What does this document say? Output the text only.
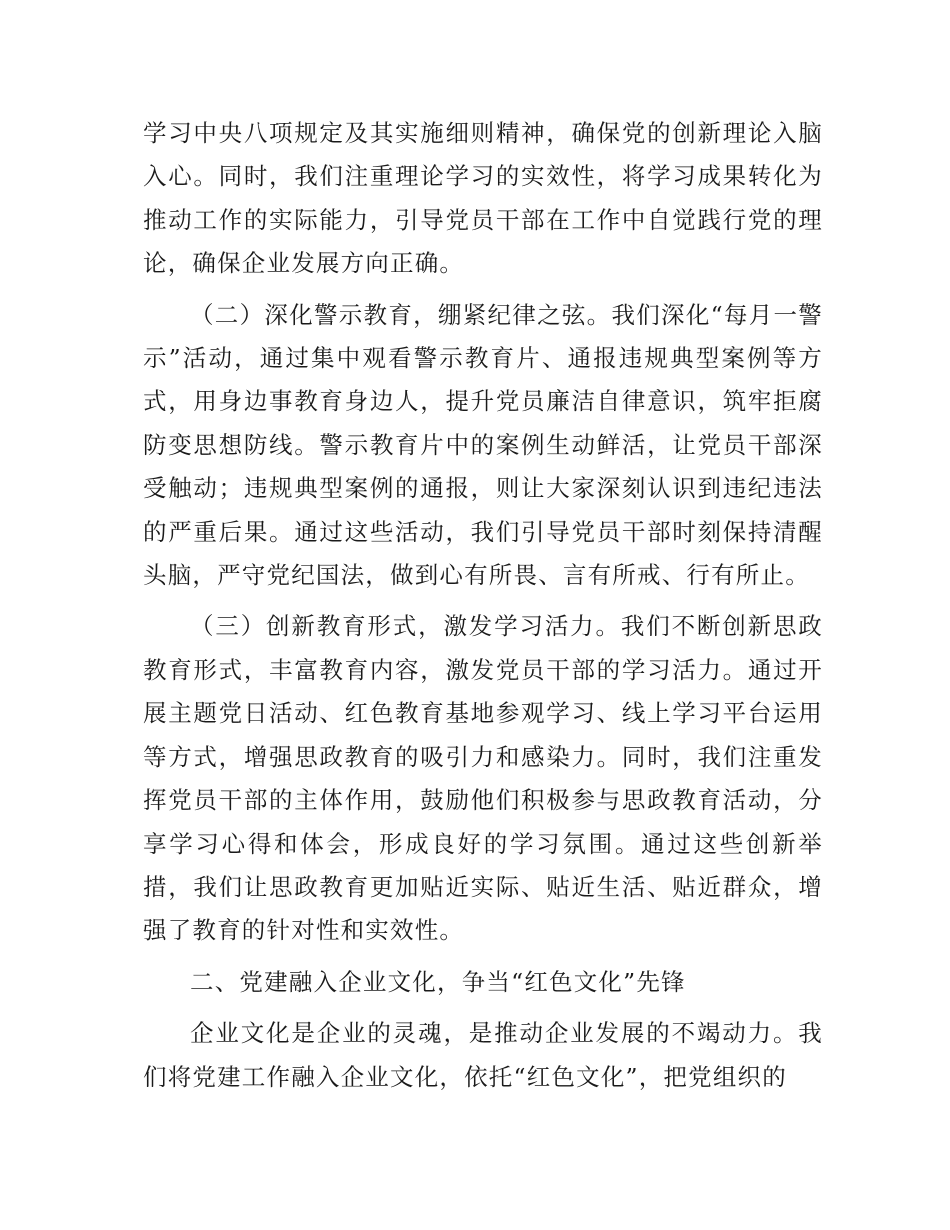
学习中央八项规定及其实施细则精神，确保党的创新理论入脑入心。同时，我们注重理论学习的实效性，将学习成果转化为推动工作的实际能力，引导党员干部在工作中自觉践行党的理论，确保企业发展方向正确。

（二）深化警示教育，绷紧纪律之弦。我们深化“每月一警示”活动，通过集中观看警示教育片、通报违规典型案例等方式，用身边事教育身边人，提升党员廉洁自律意识，筑牢拒腐防变思想防线。警示教育片中的案例生动鲜活，让党员干部深受触动；违规典型案例的通报，则让大家深刻认识到违纪违法的严重后果。通过这些活动，我们引导党员干部时刻保持清醒头脑，严守党纪国法，做到心有所畏、言有所戒、行有所止。

（三）创新教育形式，激发学习活力。我们不断创新思政教育形式，丰富教育内容，激发党员干部的学习活力。通过开展主题党日活动、红色教育基地参观学习、线上学习平台运用等方式，增强思政教育的吸引力和感染力。同时，我们注重发挥党员干部的主体作用，鼓励他们积极参与思政教育活动，分享学习心得和体会，形成良好的学习氛围。通过这些创新举措，我们让思政教育更加贴近实际、贴近生活、贴近群众，增强了教育的针对性和实效性。

二、党建融入企业文化，争当“红色文化”先锋

企业文化是企业的灵魂，是推动企业发展的不竭动力。我们将党建工作融入企业文化，依托“红色文化”，把党组织的
